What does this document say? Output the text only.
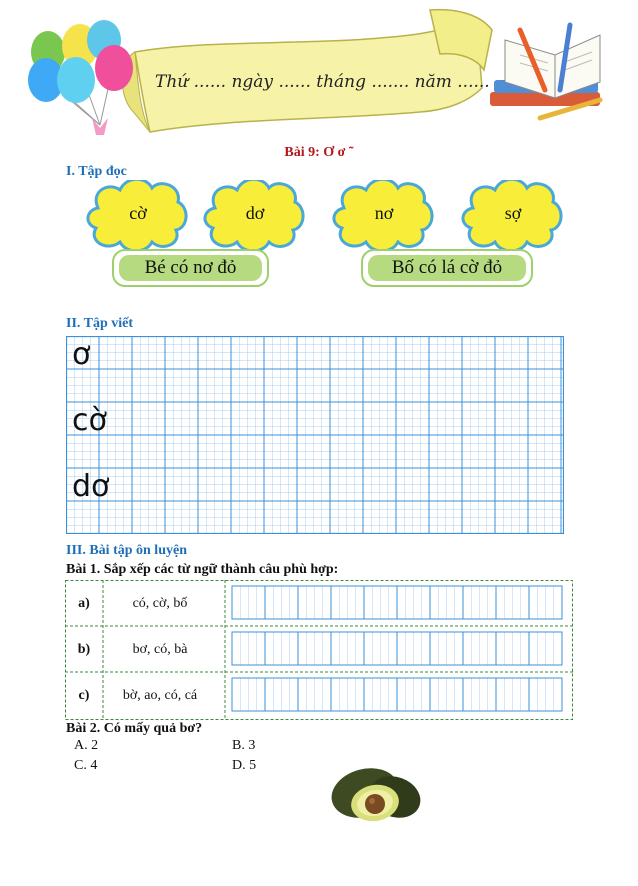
Thứ ...... ngày ...... tháng ....... năm ......
Bài 9: Ơ ơ ˜
I. Tập đọc
cờ	dơ	nơ	sợ
Bé có nơ đỏ	Bố có lá cờ đỏ
II. Tập viết
ơ
cờ
dơ
III. Bài tập ôn luyện
Bài 1. Sắp xếp các từ ngữ thành câu phù hợp:
a)	có, cờ, bố
b)	bơ, có, bà
c)	bờ, ao, có, cá
Bài 2. Có mấy quả bơ?
A. 2	B. 3
C. 4	D. 5
